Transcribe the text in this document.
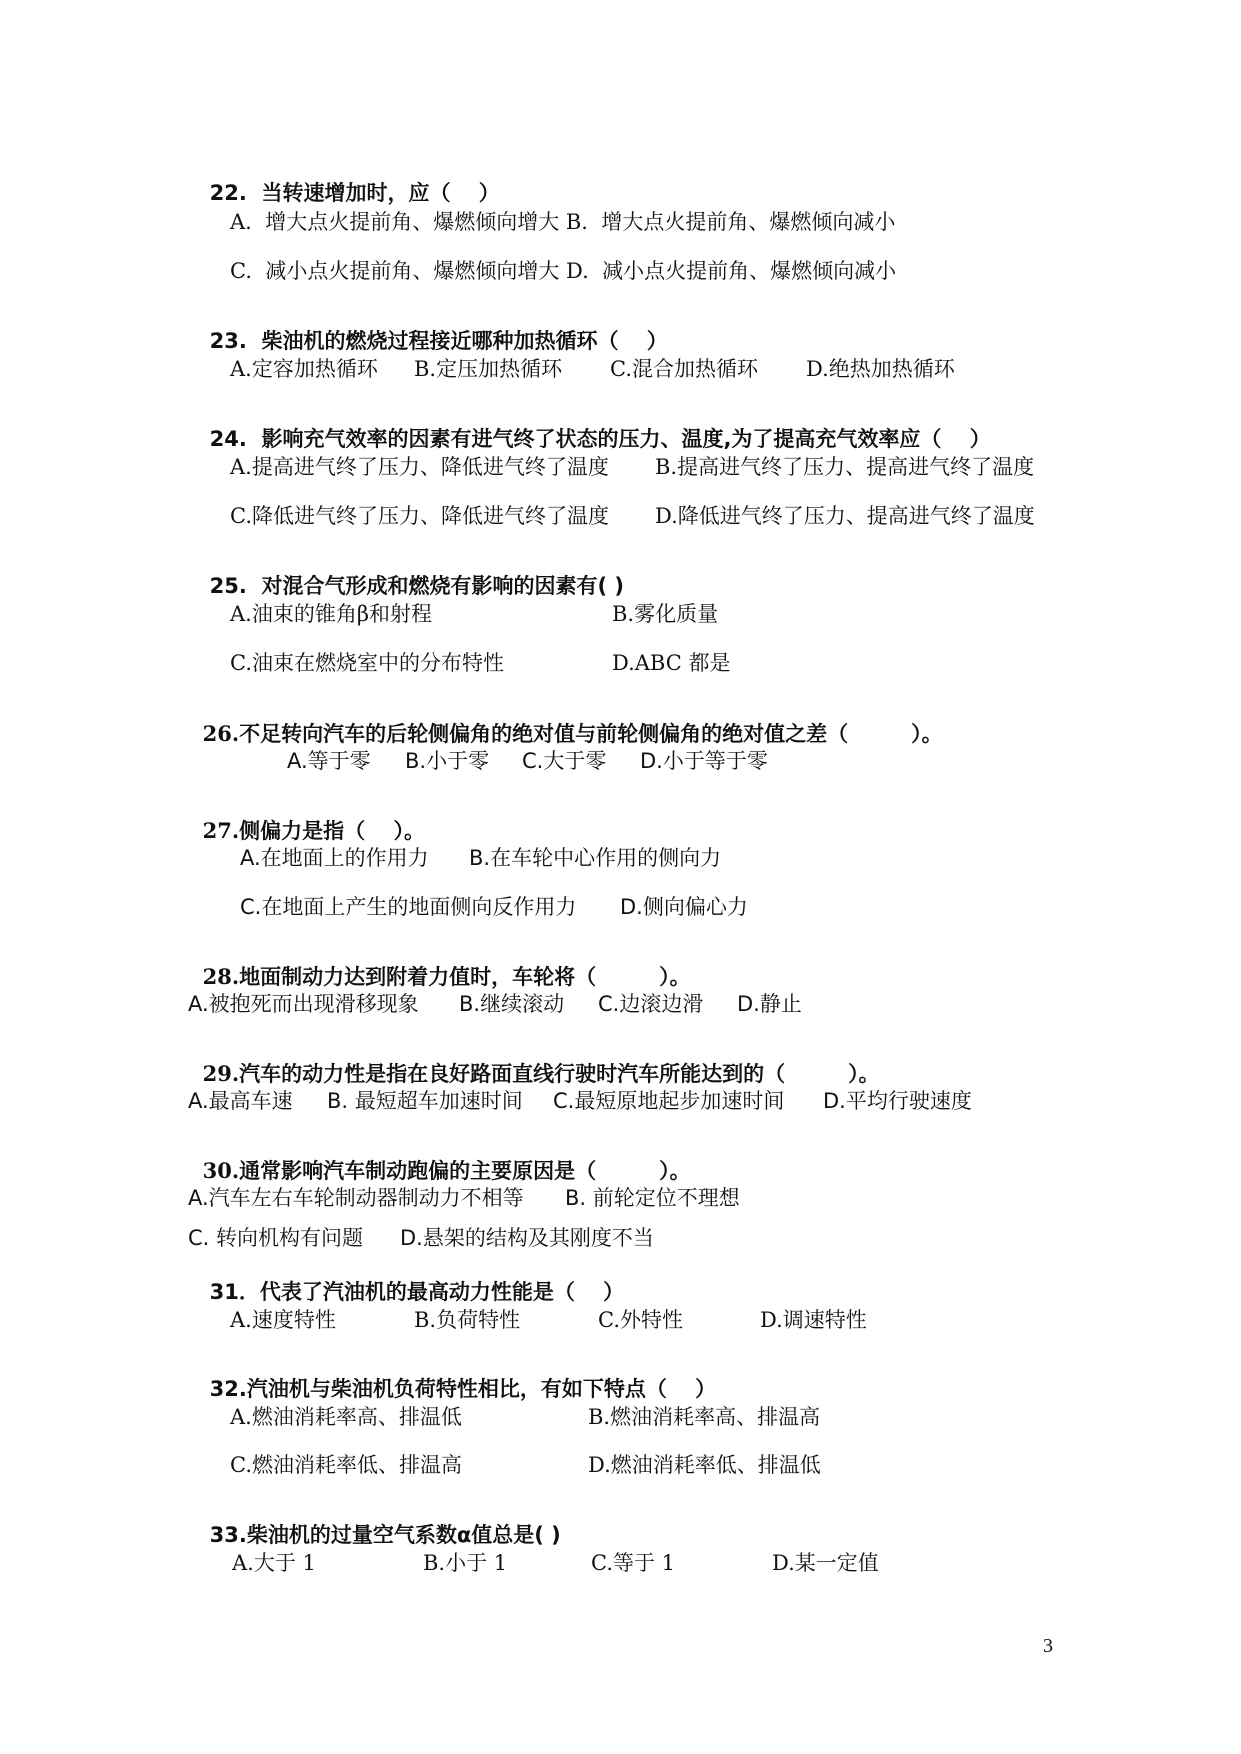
22. 当转速增加时，应（　 ）

A.  增大点火提前角、爆燃倾向增大 B.  增大点火提前角、爆燃倾向减小
C.  减小点火提前角、爆燃倾向增大 D.  减小点火提前角、爆燃倾向减小

23. 柴油机的燃烧过程接近哪种加热循环（　 ）

A.定容加热循环 B.定压加热循环 C.混合加热循环 D.绝热加热循环

24. 影响充气效率的因素有进气终了状态的压力、温度,为了提高充气效率应（　 ）

A.提高进气终了压力、降低进气终了温度 B.提高进气终了压力、提高进气终了温度
C.降低进气终了压力、降低进气终了温度 D.降低进气终了压力、提高进气终了温度

25. 对混合气形成和燃烧有影响的因素有( )

A.油束的锥角β和射程	B.雾化质量
C.油束在燃烧室中的分布特性	D.ABC 都是

26.不足转向汽车的后轮侧偏角的绝对值与前轮侧偏角的绝对值之差（　　　）。

A.等于零 B.小于零 C.大于零 D.小于等于零

27.侧偏力是指（　 ）。

A.在地面上的作用力 B.在车轮中心作用的侧向力
C.在地面上产生的地面侧向反作用力 D.侧向偏心力

28.地面制动力达到附着力值时，车轮将（　　　）。

A.被抱死而出现滑移现象 B.继续滚动 C.边滚边滑 D.静止

29.汽车的动力性是指在良好路面直线行驶时汽车所能达到的（　　　）。

A.最高车速 B. 最短超车加速时间 C.最短原地起步加速时间 D.平均行驶速度

30.通常影响汽车制动跑偏的主要原因是（　　　）。

A.汽车左右车轮制动器制动力不相等 B. 前轮定位不理想
C. 转向机构有问题 D.悬架的结构及其刚度不当

31．代表了汽油机的最高动力性能是（　 ）

A.速度特性	B.负荷特性	C.外特性	D.调速特性

32.汽油机与柴油机负荷特性相比，有如下特点（　 ）

A.燃油消耗率高、排温低	B.燃油消耗率高、排温高
C.燃油消耗率低、排温高	D.燃油消耗率低、排温低

33.柴油机的过量空气系数α值总是( )

A.大于 1	B.小于 1	C.等于 1	D.某一定值
3
